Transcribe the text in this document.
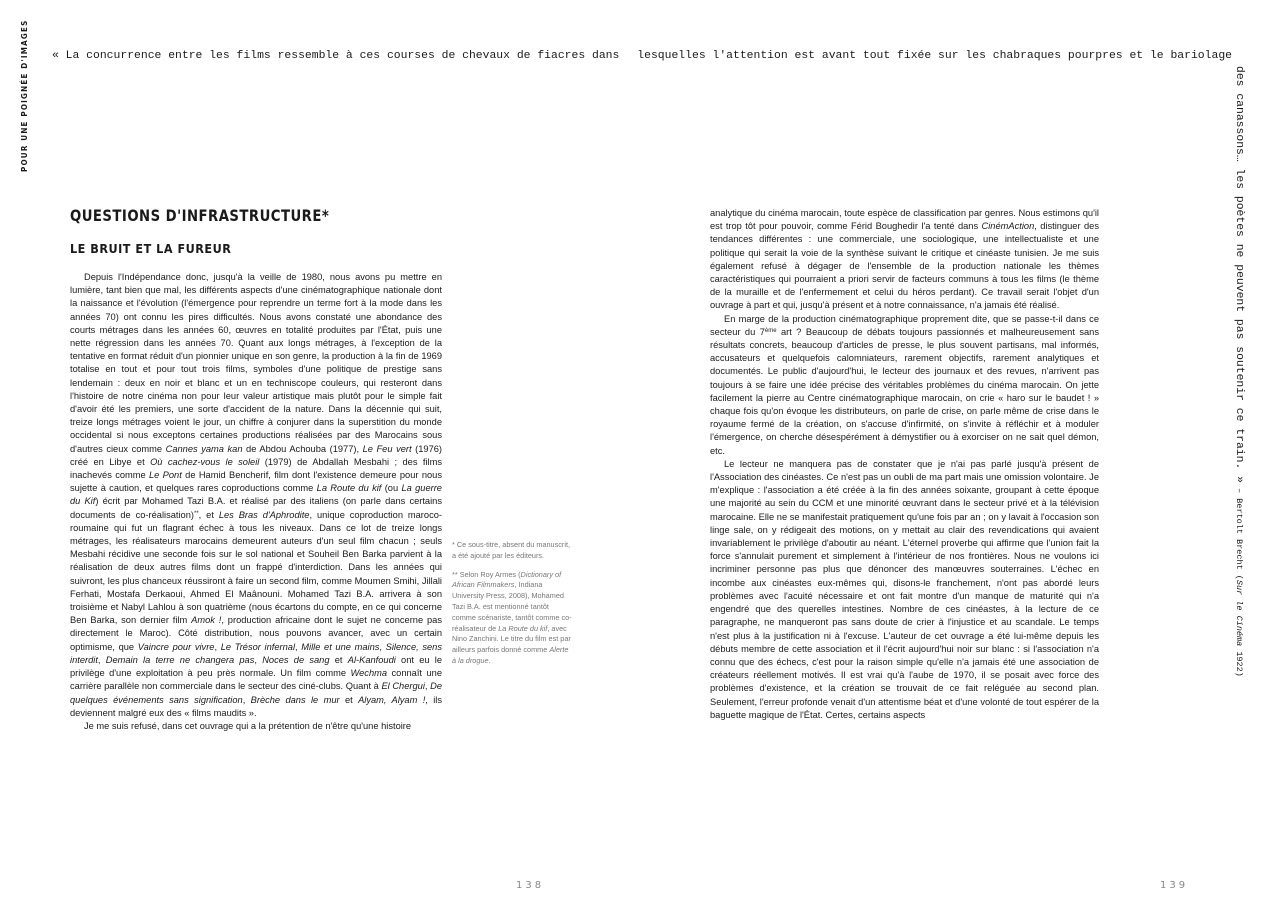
POUR UNE POIGNÉE D'IMAGES « La concurrence entre les films ressemble à ces courses de chevaux de fiacres dans lesquelles l'attention est avant tout fixée sur les chabraques pourpres et le bariolage
des canassons… les poètes ne peuvent pas soutenir ce train. » – Bertolt Brecht (Sur le Cinéma 1922)
QUESTIONS D'INFRASTRUCTURE*
LE BRUIT ET LA FUREUR

Depuis l'Indépendance donc, jusqu'à la veille de 1980, nous avons pu mettre en lumière, tant bien que mal, les différents aspects d'une cinématographique nationale dont la naissance et l'évolution (l'émergence pour reprendre un terme fort à la mode dans les années 70) ont connu les pires difficultés. Nous avons constaté une abondance des courts métrages dans les années 60, œuvres en totalité produites par l'État, puis une nette régression dans les années 70. Quant aux longs métrages, à l'exception de la tentative en format réduit d'un pionnier unique en son genre, la production à la fin de 1969 totalise en tout et pour tout trois films, symboles d'une politique de prestige sans lendemain : deux en noir et blanc et un en techniscope couleurs, qui resteront dans l'histoire de notre cinéma non pour leur valeur artistique mais plutôt pour le simple fait d'avoir été les premiers, une sorte d'accident de la nature. Dans la décennie qui suit, treize longs métrages voient le jour, un chiffre à conjurer dans la superstition du monde occidental si nous exceptons certaines productions réalisées par des Marocains sous d'autres cieux comme Cannes yama kan de Abdou Achouba (1977), Le Feu vert (1976) créé en Libye et Où cachez-vous le soleil (1979) de Abdallah Mesbahi ; des films inachevés comme Le Pont de Hamid Bencherif, film dont l'existence demeure pour nous sujette à caution, et quelques rares coproductions comme La Route du kif (ou La guerre du Kif) écrit par Mohamed Tazi B.A. et réalisé par des italiens (on parle dans certains documents de co-réalisation)**, et Les Bras d'Aphrodite, unique coproduction maroco-roumaine qui fut un flagrant échec à tous les niveaux. Dans ce lot de treize longs métrages, les réalisateurs marocains demeurent auteurs d'un seul film chacun ; seuls Mesbahi récidive une seconde fois sur le sol national et Souheil Ben Barka parvient à la réalisation de deux autres films dont un frappé d'interdiction. Dans les années qui suivront, les plus chanceux réussiront à faire un second film, comme Moumen Smihi, Jillali Ferhati, Mostafa Derkaoui, Ahmed El Maânouni. Mohamed Tazi B.A. arrivera à son troisième et Nabyl Lahlou à son quatrième (nous écartons du compte, en ce qui concerne Ben Barka, son dernier film Amok !, production africaine dont le sujet ne concerne pas directement le Maroc). Côté distribution, nous pouvons avancer, avec un certain optimisme, que Vaincre pour vivre, Le Trésor infernal, Mille et une mains, Silence, sens interdit, Demain la terre ne changera pas, Noces de sang et Al-Kanfoudi ont eu le privilège d'une exploitation à peu près normale. Un film comme Wechma connaît une carrière parallèle non commerciale dans le secteur des ciné-clubs. Quant à El Chergui, De quelques événements sans signification, Brèche dans le mur et Alyam, Alyam !, ils deviennent malgré eux des « films maudits ».

Je me suis refusé, dans cet ouvrage qui a la prétention de n'être qu'une histoire

* Ce sous-titre, absent du manuscrit, a été ajouté par les éditeurs.

** Selon Roy Armes (Dictionary of African Filmmakers, Indiana University Press, 2008), Mohamed Tazi B.A. est mentionné tantôt comme scénariste, tantôt comme co-réalisateur de La Route du kif, avec Nino Zanchini. Le titre du film est par ailleurs parfois donné comme Alerte à la drogue.

analytique du cinéma marocain, toute espèce de classification par genres. Nous estimons qu'il est trop tôt pour pouvoir, comme Férid Boughedir l'a tenté dans CinémAction, distinguer des tendances différentes : une commerciale, une sociologique, une intellectualiste et une politique qui serait la voie de la synthèse suivant le critique et cinéaste tunisien. Je me suis également refusé à dégager de l'ensemble de la production nationale les thèmes caractéristiques qui pourraient a priori servir de facteurs communs à tous les films (le thème de la muraille et de l'enfermement et celui du héros perdant). Ce travail serait l'objet d'un ouvrage à part et qui, jusqu'à présent et à notre connaissance, n'a jamais été réalisé.

En marge de la production cinématographique proprement dite, que se passe-t-il dans ce secteur du 7ème art ? Beaucoup de débats toujours passionnés et malheureusement sans résultats concrets, beaucoup d'articles de presse, le plus souvent partisans, mal informés, accusateurs et quelquefois calomniateurs, rarement objectifs, rarement analytiques et documentés. Le public d'aujourd'hui, le lecteur des journaux et des revues, n'arrivent pas toujours à se faire une idée précise des véritables problèmes du cinéma marocain. On jette facilement la pierre au Centre cinématographique marocain, on crie « haro sur le baudet ! » chaque fois qu'on évoque les distributeurs, on parle de crise, on parle même de crise dans le royaume fermé de la création, on s'accuse d'infirmité, on s'invite à réfléchir et à moduler l'émergence, on cherche désespérément à démystifier ou à exorciser on ne sait quel démon, etc.

Le lecteur ne manquera pas de constater que je n'ai pas parlé jusqu'à présent de l'Association des cinéastes. Ce n'est pas un oubli de ma part mais une omission volontaire. Je m'explique : l'association a été créée à la fin des années soixante, groupant à cette époque une majorité au sein du CCM et une minorité œuvrant dans le secteur privé et à la télévision marocaine. Elle ne se manifestait pratiquement qu'une fois par an ; on y lavait à l'occasion son linge sale, on y rédigeait des motions, on y mettait au clair des revendications qui avaient invariablement le privilège d'aboutir au néant. L'éternel proverbe qui affirme que l'union fait la force s'annulait purement et simplement à l'intérieur de nos frontières. Nous ne voulons ici incriminer personne pas plus que dénoncer des manœuvres souterraines. L'échec en incombe aux cinéastes eux-mêmes qui, disons-le franchement, n'ont pas abordé leurs problèmes avec l'acuité nécessaire et ont fait montre d'un manque de maturité qui n'a engendré que des querelles intestines. Nombre de ces cinéastes, à la lecture de ce paragraphe, ne manqueront pas sans doute de crier à l'injustice et au scandale. Le temps n'est plus à la justification ni à l'excuse. L'auteur de cet ouvrage a été lui-même depuis les débuts membre de cette association et il l'écrit aujourd'hui noir sur blanc : si l'association n'a connu que des échecs, c'est pour la raison simple qu'elle n'a jamais été une association de créateurs réellement motivés. Il est vrai qu'à l'aube de 1970, il se posait avec force des problèmes d'existence, et la création se trouvait de ce fait reléguée au second plan. Seulement, l'erreur profonde venait d'un attentisme béat et d'une volonté de tout espérer de la baguette magique de l'État. Certes, certains aspects

138	139
